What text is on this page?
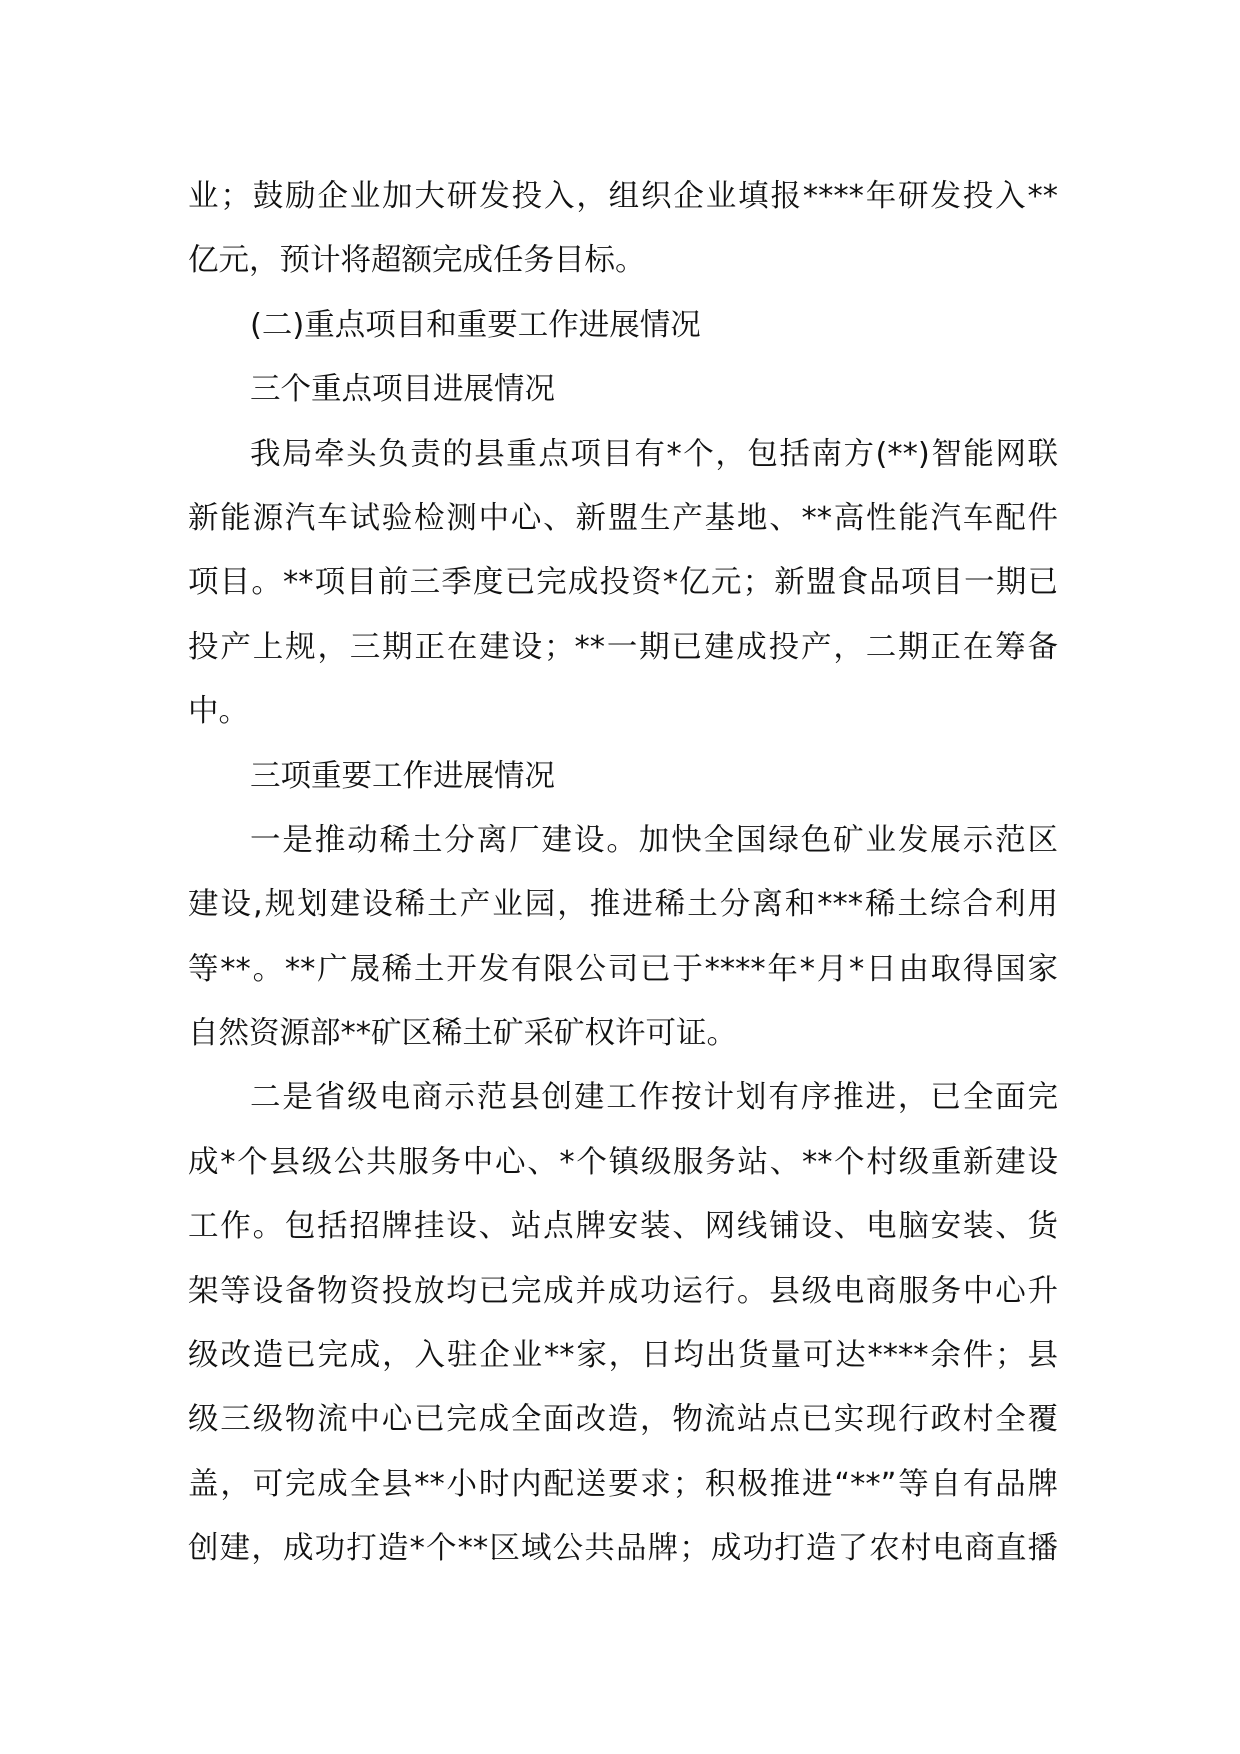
业；鼓励企业加大研发投入，组织企业填报****年研发投入**
亿元，预计将超额完成任务目标。
(二)重点项目和重要工作进展情况
三个重点项目进展情况
我局牵头负责的县重点项目有*个，包括南方(**)智能网联
新能源汽车试验检测中心、新盟生产基地、**高性能汽车配件
项目。**项目前三季度已完成投资*亿元；新盟食品项目一期已
投产上规，三期正在建设；**一期已建成投产，二期正在筹备
中。
三项重要工作进展情况
一是推动稀土分离厂建设。加快全国绿色矿业发展示范区
建设,规划建设稀土产业园，推进稀土分离和***稀土综合利用
等**。**广晟稀土开发有限公司已于****年*月*日由取得国家
自然资源部**矿区稀土矿采矿权许可证。
二是省级电商示范县创建工作按计划有序推进，已全面完
成*个县级公共服务中心、*个镇级服务站、**个村级重新建设
工作。包括招牌挂设、站点牌安装、网线铺设、电脑安装、货
架等设备物资投放均已完成并成功运行。县级电商服务中心升
级改造已完成，入驻企业**家，日均出货量可达****余件；县
级三级物流中心已完成全面改造，物流站点已实现行政村全覆
盖，可完成全县**小时内配送要求；积极推进“**”等自有品牌
创建，成功打造*个**区域公共品牌；成功打造了农村电商直播
